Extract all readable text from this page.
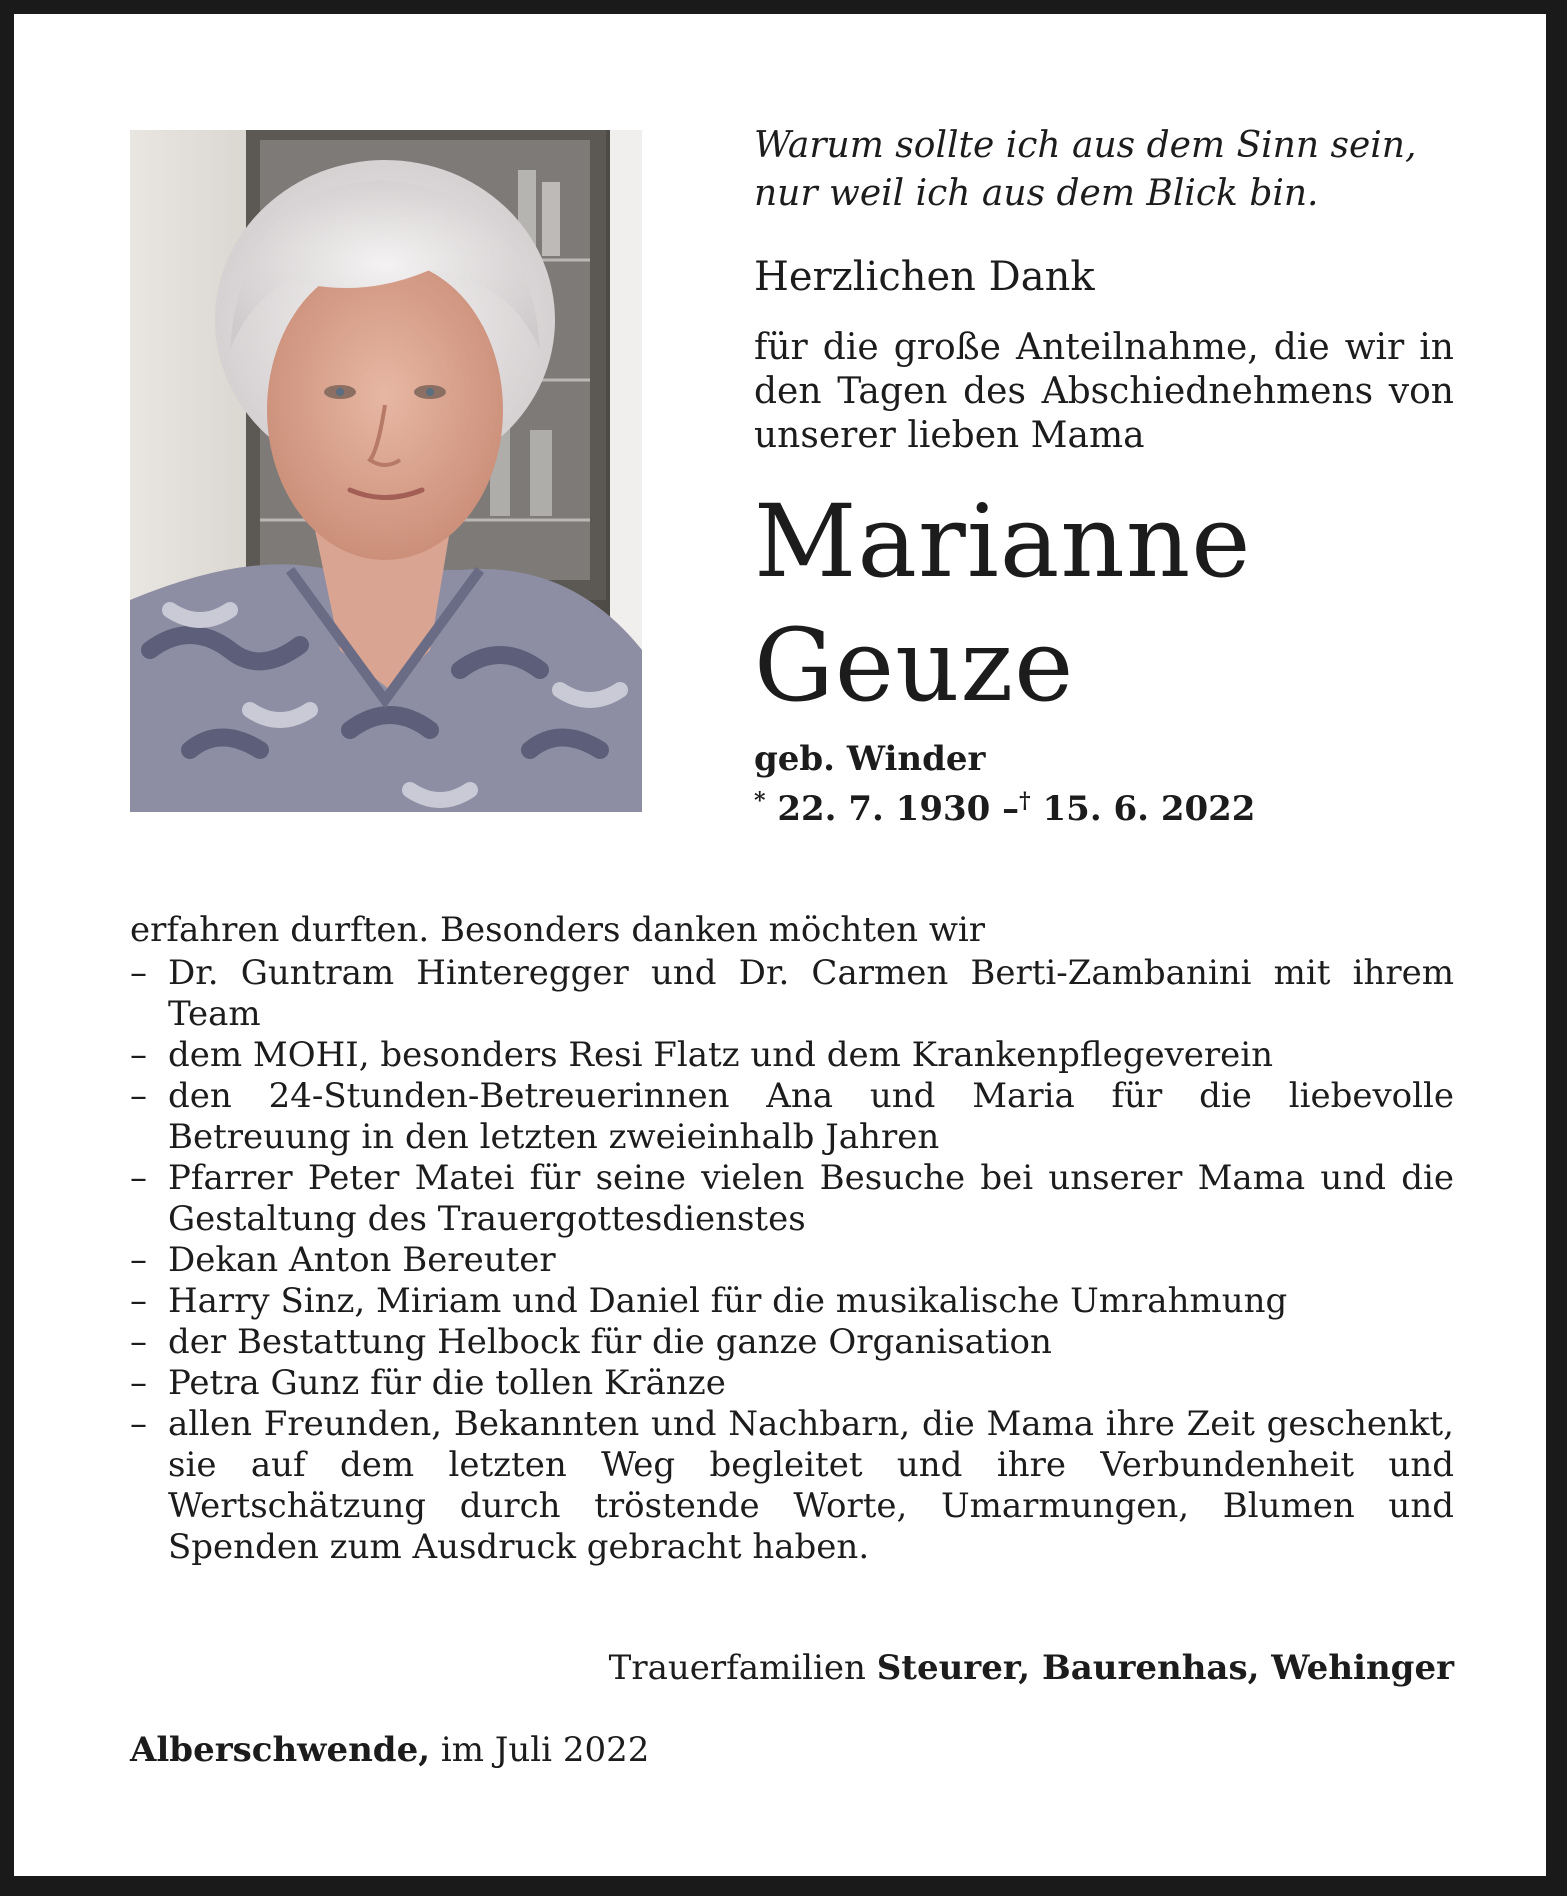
Warum sollte ich aus dem Sinn sein,
nur weil ich aus dem Blick bin.

Herzlichen Dank
für die große Anteilnahme, die wir in den Tagen des Abschiednehmens von unserer lieben Mama
Marianne
Geuze
geb. Winder
* 22. 7. 1930 –† 15. 6. 2022

erfahren durften. Besonders danken möchten wir

– Dr. Guntram Hinteregger und Dr. Carmen Berti-Zambanini mit ihrem Team
– dem MOHI, besonders Resi Flatz und dem Krankenpflegeverein
– den 24-Stunden-Betreuerinnen Ana und Maria für die liebevolle Betreuung in den letzten zweieinhalb Jahren
– Pfarrer Peter Matei für seine vielen Besuche bei unserer Mama und die Gestaltung des Trauergottesdienstes
– Dekan Anton Bereuter
– Harry Sinz, Miriam und Daniel für die musikalische Umrahmung
– der Bestattung Helbock für die ganze Organisation
– Petra Gunz für die tollen Kränze
– allen Freunden, Bekannten und Nachbarn, die Mama ihre Zeit geschenkt, sie auf dem letzten Weg begleitet und ihre Verbundenheit und Wertschätzung durch tröstende Worte, Umarmungen, Blumen und Spenden zum Ausdruck gebracht haben.
Trauerfamilien Steurer, Baurenhas, Wehinger
Alberschwende, im Juli 2022
